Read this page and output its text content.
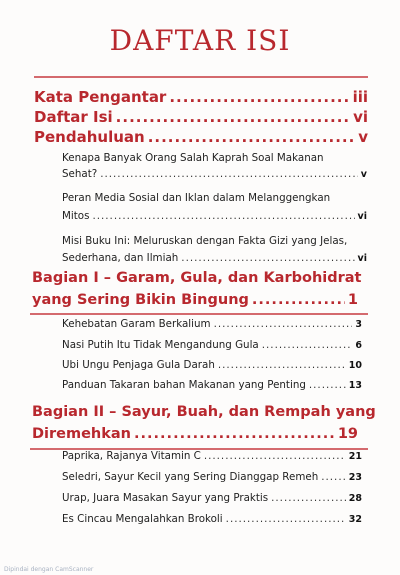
DAFTAR ISI
Kata Pengantar .....	iii
Daftar Isi .....	vi
Pendahuluan .....	v
Kenapa Banyak Orang Salah Kaprah Soal Makanan
Sehat? .....	v
Peran Media Sosial dan Iklan dalam Melanggengkan
Mitos .....	vi
Misi Buku Ini: Meluruskan dengan Fakta Gizi yang Jelas,
Sederhana, dan Ilmiah .....	vi
Bagian I – Garam, Gula, dan Karbohidrat
yang Sering Bikin Bingung .....	1
Kehebatan Garam Berkalium .....	3
Nasi Putih Itu Tidak Mengandung Gula .....	6
Ubi Ungu Penjaga Gula Darah .....	10
Panduan Takaran bahan Makanan yang Penting .....	13
Bagian II – Sayur, Buah, dan Rempah yang
Diremehkan .....	19
Paprika, Rajanya Vitamin C .....	21
Seledri, Sayur Kecil yang Sering Dianggap Remeh .....	23
Urap, Juara Masakan Sayur yang Praktis .....	28
Es Cincau Mengalahkan Brokoli .....	32
Dipindai dengan CamScanner
